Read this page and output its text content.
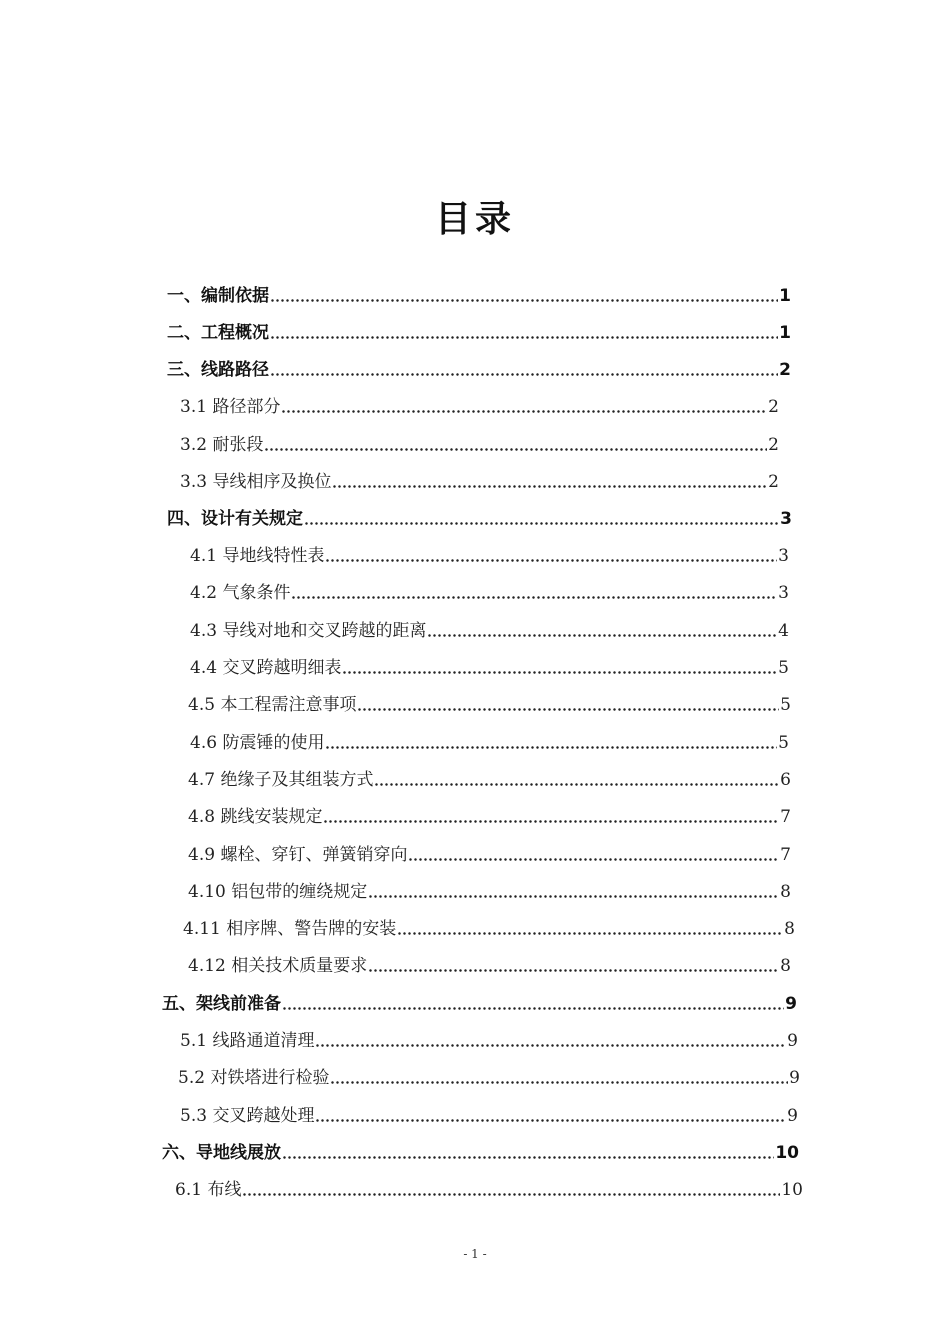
目录
一、编制依据	1
二、工程概况	1
三、线路路径	2
3.1 路径部分	2
3.2 耐张段	2
3.3 导线相序及换位	2
四、设计有关规定	3
4.1 导地线特性表	3
4.2 气象条件	3
4.3 导线对地和交叉跨越的距离	4
4.4 交叉跨越明细表	5
4.5 本工程需注意事项	5
4.6 防震锤的使用	5
4.7 绝缘子及其组装方式	6
4.8 跳线安装规定	7
4.9 螺栓、穿钉、弹簧销穿向	7
4.10 铝包带的缠绕规定	8
4.11 相序牌、警告牌的安装	8
4.12 相关技术质量要求	8
五、架线前准备	9
5.1 线路通道清理	9
5.2 对铁塔进行检验	9
5.3 交叉跨越处理	9
六、导地线展放	10
6.1 布线	10
- 1 -
